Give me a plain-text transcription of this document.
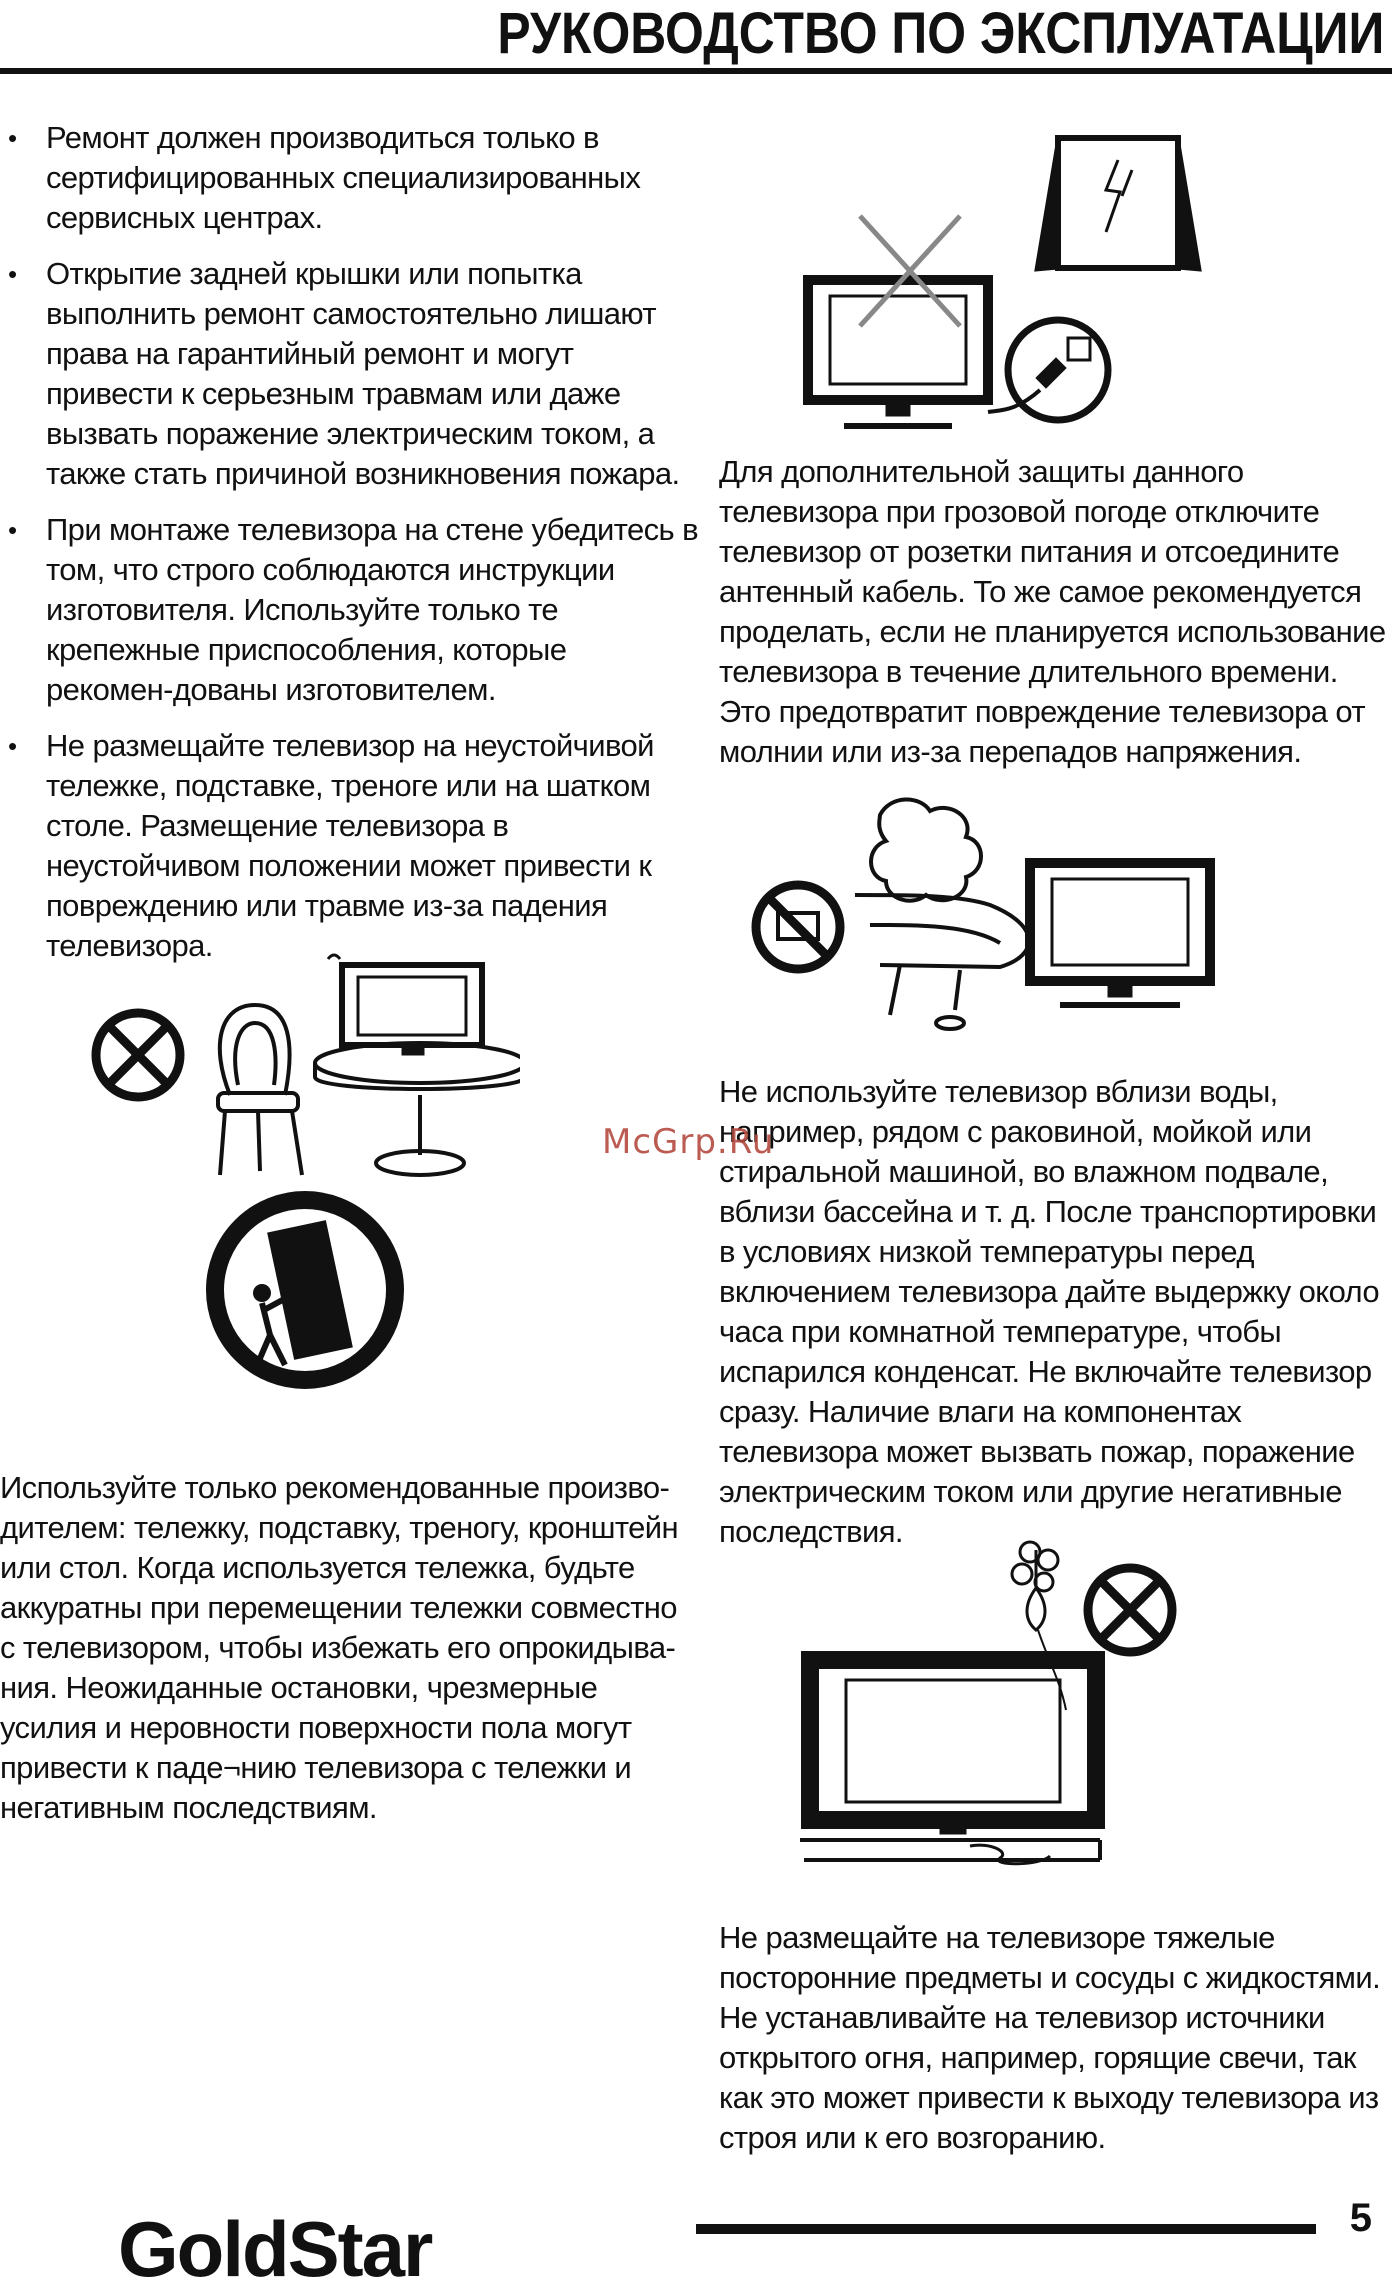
РУКОВОДСТВО ПО ЭКСПЛУАТАЦИИ
• Ремонт должен производиться только в сертифицированных специализированных сервисных центрах.
• Открытие задней крышки или попытка выполнить ремонт самостоятельно лишают права на гарантийный ремонт и могут привести к серьезным травмам или даже вызвать поражение электрическим током, а также стать причиной возникновения пожара.
• При монтаже телевизора на стене убедитесь в том, что строго соблюдаются инструкции изготовителя. Используйте только те крепежные приспособления, которые рекомен-дованы изготовителем.
• Не размещайте телевизор на неустойчивой тележке, подставке, треноге или на шатком столе. Размещение телевизора в неустойчивом положении может привести к повреждению или травме из-за падения телевизора.

Для дополнительной защиты данного телевизора при грозовой погоде отключите телевизор от розетки питания и отсоедините антенный кабель. То же самое рекомендуется проделать, если не планируется использование телевизора в течение длительного времени. Это предотвратит повреждение телевизора от молнии или из-за перепадов напряжения.

Не используйте телевизор вблизи воды, например, рядом с раковиной, мойкой или стиральной машиной, во влажном подвале, вблизи бассейна и т. д. После транспортировки в условиях низкой температуры перед включением телевизора дайте выдержку около часа при комнатной температуре, чтобы испарился конденсат. Не включайте телевизор сразу. Наличие влаги на компонентах телевизора может вызвать пожар, поражение электрическим током или другие негативные последствия.

Используйте только рекомендованные произво-дителем: тележку, подставку, треногу, кронштейн или стол. Когда используется тележка, будьте аккуратны при перемещении тележки совместно с телевизором, чтобы избежать его опрокидыва-ния. Неожиданные остановки, чрезмерные усилия и неровности поверхности пола могут привести к паде¬нию телевизора с тележки и негативным последствиям.

Не размещайте на телевизоре тяжелые посторонние предметы и сосуды с жидкостями. Не устанавливайте на телевизор источники открытого огня, например, горящие свечи, так как это может привести к выходу телевизора из строя или к его возгоранию.

McGrp.Ru
GoldStar	5
